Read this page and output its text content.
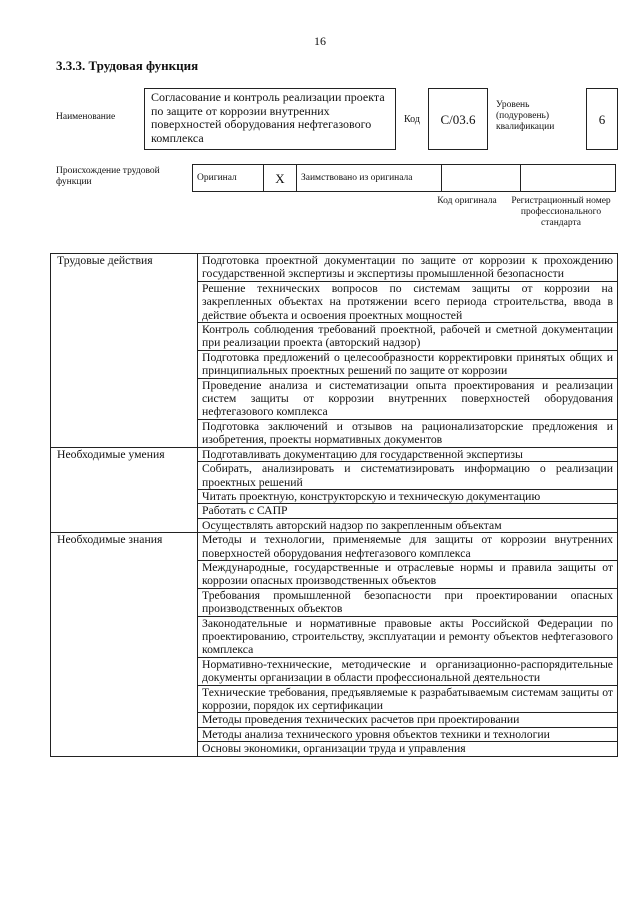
16
3.3.3. Трудовая функция
Наименование
Согласование и контроль реализации проекта по защите от коррозии внутренних поверхностей оборудования нефтегазового комплекса
Код	C/03.6
Уровень (подуровень) квалификации	6
Происхождение трудовой функции	Оригинал	X	Заимствовано из оригинала		
Код оригинала	Регистрационный номер профессионального стандарта
Трудовые действия	Подготовка проектной документации по защите от коррозии к прохождению государственной экспертизы и экспертизы промышленной безопасности
	Решение технических вопросов по системам защиты от коррозии на закрепленных объектах на протяжении всего периода строительства, ввода в действие объекта и освоения проектных мощностей
	Контроль соблюдения требований проектной, рабочей и сметной документации при реализации проекта (авторский надзор)
	Подготовка предложений о целесообразности корректировки принятых общих и принципиальных проектных решений по защите от коррозии
	Проведение анализа и систематизации опыта проектирования и реализации систем защиты от коррозии внутренних поверхностей оборудования нефтегазового комплекса
	Подготовка заключений и отзывов на рационализаторские предложения и изобретения, проекты нормативных документов
Необходимые умения	Подготавливать документацию для государственной экспертизы
	Собирать, анализировать и систематизировать информацию о реализации проектных решений
	Читать проектную, конструкторскую и техническую документацию
	Работать с САПР
	Осуществлять авторский надзор по закрепленным объектам
Необходимые знания	Методы и технологии, применяемые для защиты от коррозии внутренних поверхностей оборудования нефтегазового комплекса
	Международные, государственные и отраслевые нормы и правила защиты от коррозии опасных производственных объектов
	Требования промышленной безопасности при проектировании опасных производственных объектов
	Законодательные и нормативные правовые акты Российской Федерации по проектированию, строительству, эксплуатации и ремонту объектов нефтегазового комплекса
	Нормативно-технические, методические и организационно-распорядительные документы организации в области профессиональной деятельности
	Технические требования, предъявляемые к разрабатываемым системам защиты от коррозии, порядок их сертификации
	Методы проведения технических расчетов при проектировании
	Методы анализа технического уровня объектов техники и технологии
	Основы экономики, организации труда и управления
